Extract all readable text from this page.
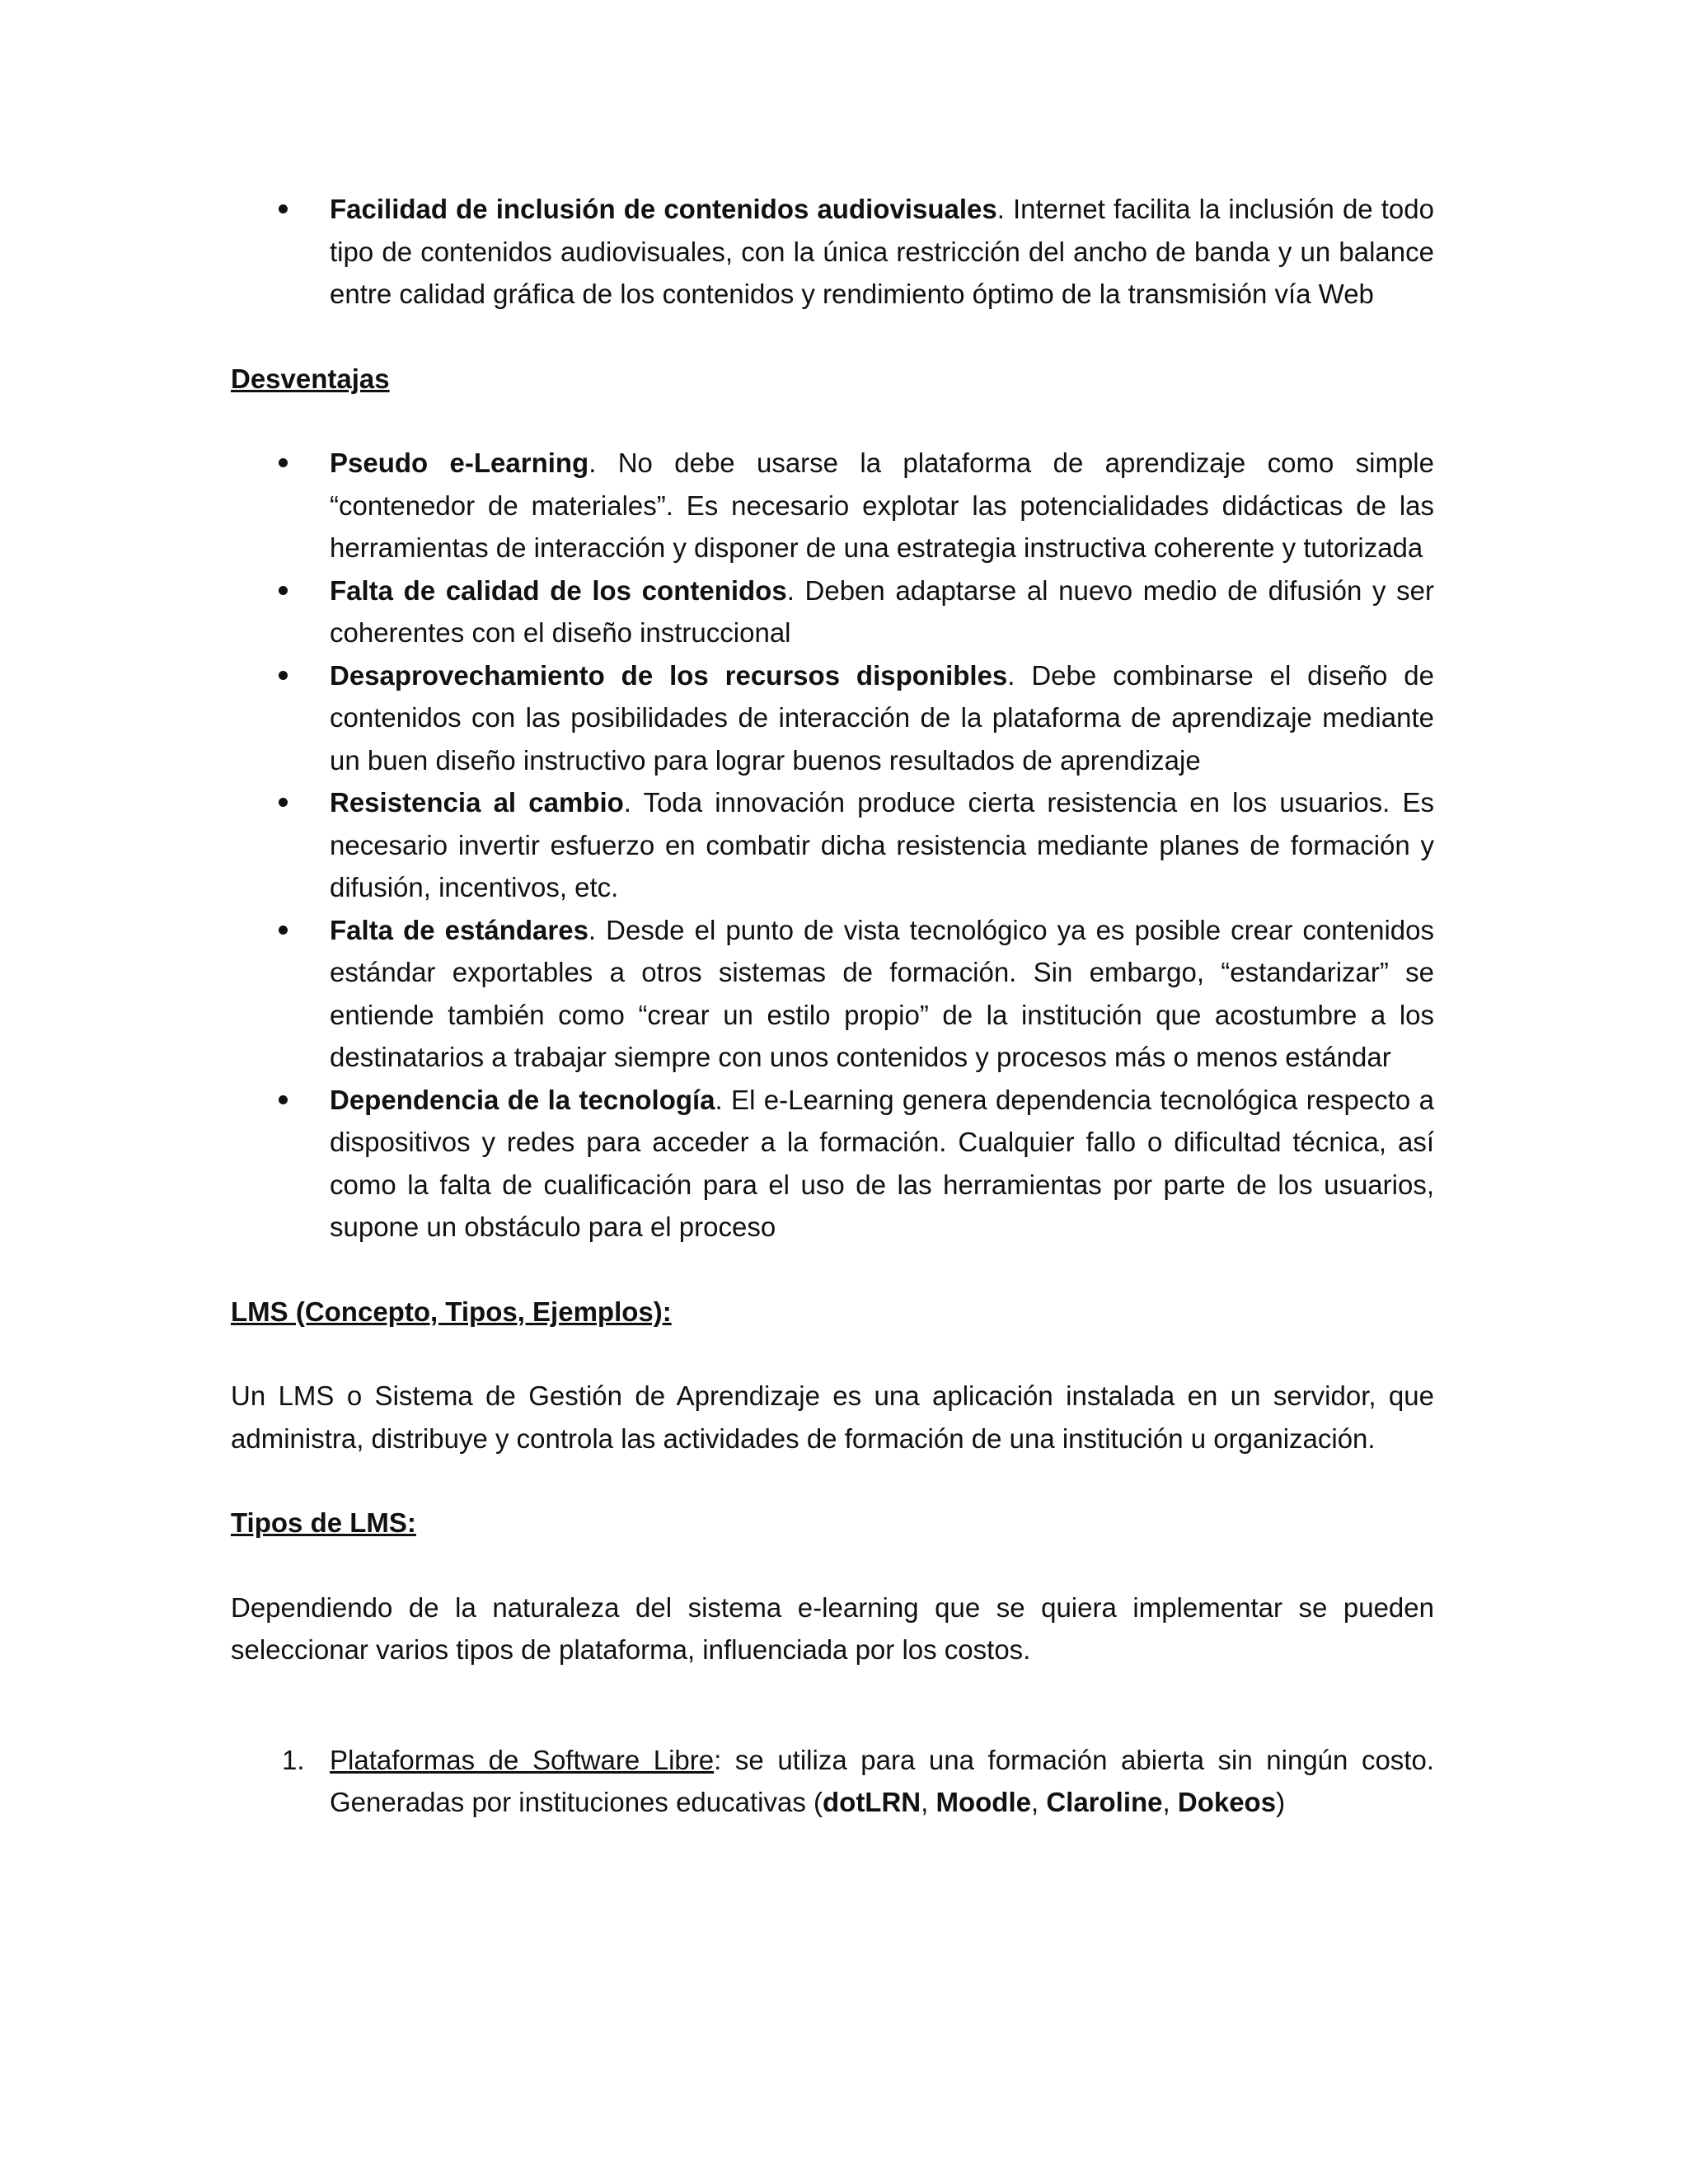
Facilidad de inclusión de contenidos audiovisuales. Internet facilita la inclusión de todo tipo de contenidos audiovisuales, con la única restricción del ancho de banda y un balance entre calidad gráfica de los contenidos y rendimiento óptimo de la transmisión vía Web

Desventajas

Pseudo e-Learning. No debe usarse la plataforma de aprendizaje como simple “contenedor de materiales”. Es necesario explotar las potencialidades didácticas de las herramientas de interacción y disponer de una estrategia instructiva coherente y tutorizada
Falta de calidad de los contenidos. Deben adaptarse al nuevo medio de difusión y ser coherentes con el diseño instruccional
Desaprovechamiento de los recursos disponibles. Debe combinarse el diseño de contenidos con las posibilidades de interacción de la plataforma de aprendizaje mediante un buen diseño instructivo para lograr buenos resultados de aprendizaje
Resistencia al cambio. Toda innovación produce cierta resistencia en los usuarios. Es necesario invertir esfuerzo en combatir dicha resistencia mediante planes de formación y difusión, incentivos, etc.
Falta de estándares. Desde el punto de vista tecnológico ya es posible crear contenidos estándar exportables a otros sistemas de formación. Sin embargo, “estandarizar” se entiende también como “crear un estilo propio” de la institución que acostumbre a los destinatarios a trabajar siempre con unos contenidos y procesos más o menos estándar
Dependencia de la tecnología. El e-Learning genera dependencia tecnológica respecto a dispositivos y redes para acceder a la formación. Cualquier fallo o dificultad técnica, así como la falta de cualificación para el uso de las herramientas por parte de los usuarios, supone un obstáculo para el proceso

LMS (Concepto, Tipos, Ejemplos):

Un LMS o Sistema de Gestión de Aprendizaje es una aplicación instalada en un servidor, que administra, distribuye y controla las actividades de formación de una institución u organización.

Tipos de LMS:

Dependiendo de la naturaleza del sistema e-learning que se quiera implementar se pueden seleccionar varios tipos de plataforma, influenciada por los costos.

1. Plataformas de Software Libre: se utiliza para una formación abierta sin ningún costo. Generadas por instituciones educativas (dotLRN, Moodle, Claroline, Dokeos)
